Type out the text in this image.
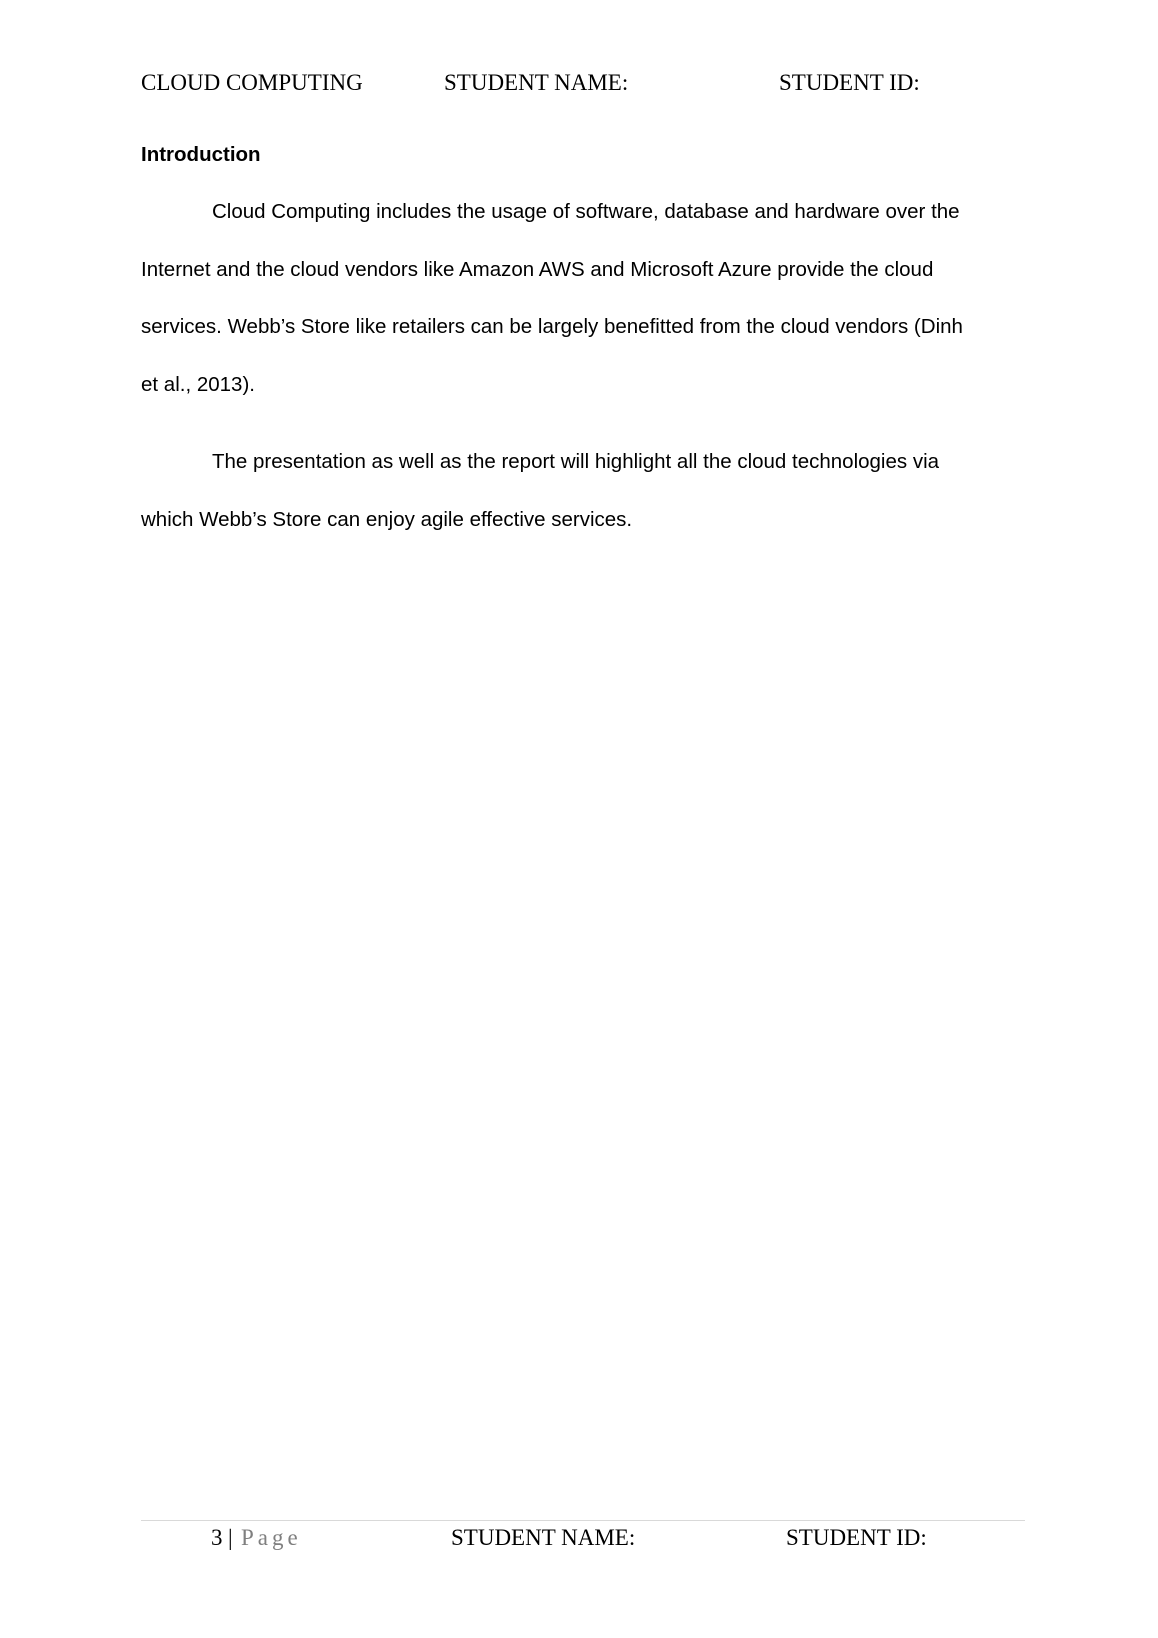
CLOUD COMPUTING	STUDENT NAME:	STUDENT ID:
Introduction
Cloud Computing includes the usage of software, database and hardware over the
Internet and the cloud vendors like Amazon AWS and Microsoft Azure provide the cloud
services. Webb’s Store like retailers can be largely benefitted from the cloud vendors (Dinh
et al., 2013).
The presentation as well as the report will highlight all the cloud technologies via
which Webb’s Store can enjoy agile effective services.
3 | Page	STUDENT NAME:	STUDENT ID:
